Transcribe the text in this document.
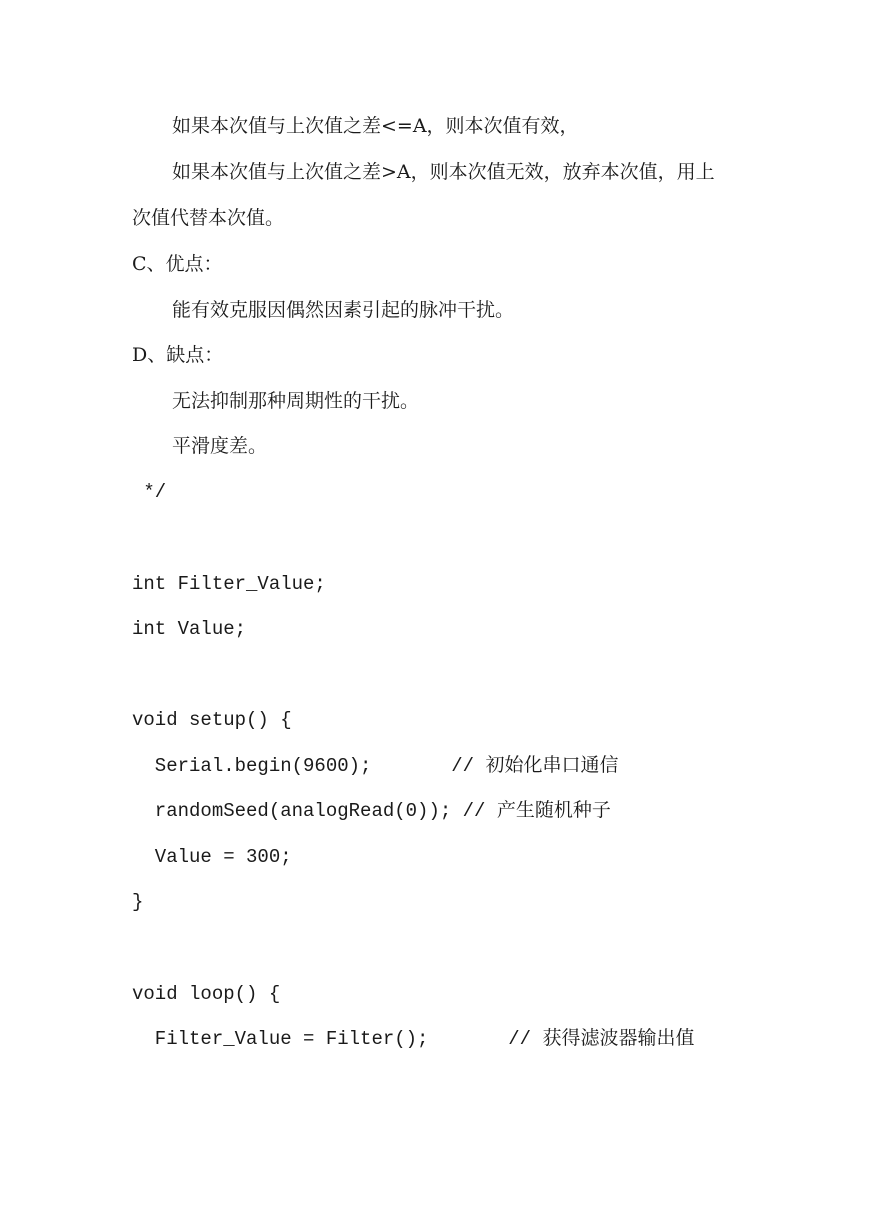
如果本次值与上次值之差<=A，则本次值有效，
如果本次值与上次值之差>A，则本次值无效，放弃本次值，用上
次值代替本次值。
C、优点：
能有效克服因偶然因素引起的脉冲干扰。
D、缺点：
无法抑制那种周期性的干扰。
平滑度差。
*/
int Filter_Value;
int Value;
void setup() {
Serial.begin(9600);       // 初始化串口通信
randomSeed(analogRead(0)); // 产生随机种子
Value = 300;
}
void loop() {
Filter_Value = Filter();       // 获得滤波器输出值
